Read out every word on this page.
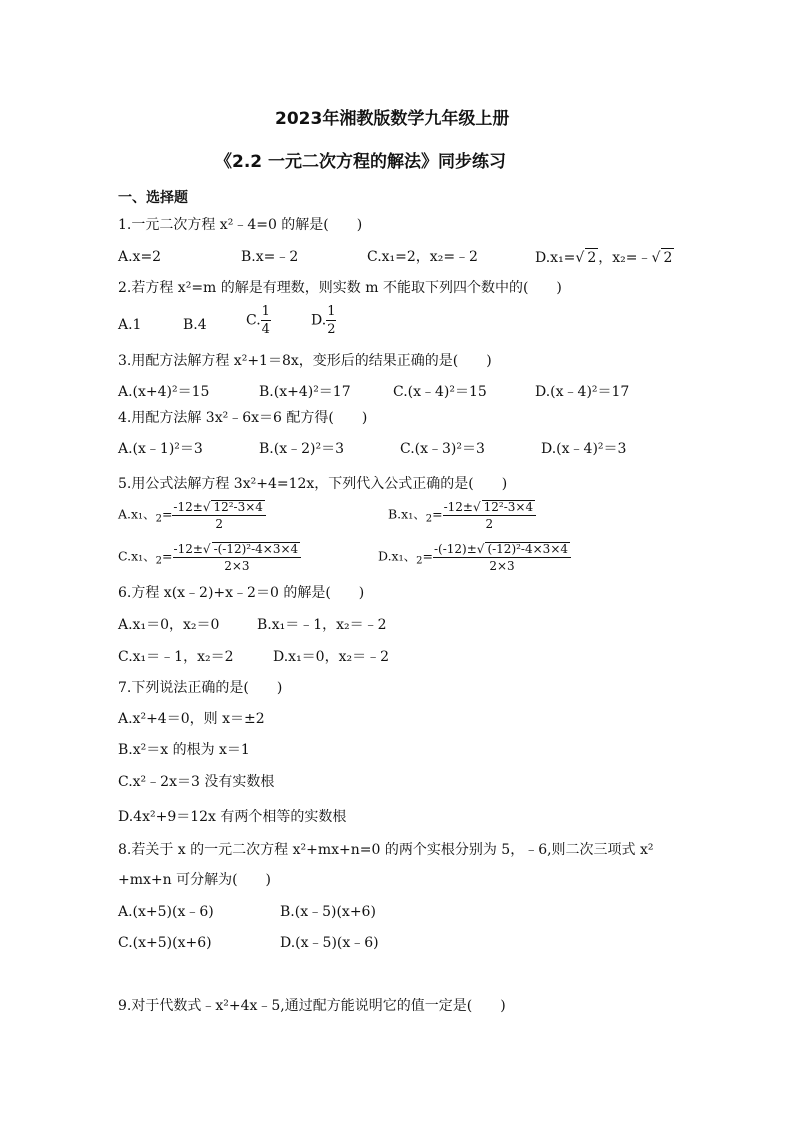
2023年湘教版数学九年级上册
《2.2 一元二次方程的解法》同步练习
一、选择题
1.一元二次方程 x²﹣4=0 的解是(　　)
A.x=2	B.x=﹣2	C.x₁=2，x₂=﹣2	D.x₁=√ 2 ，x₂=﹣√ 2
2.若方程 x²=m 的解是有理数，则实数 m 不能取下列四个数中的(　　)
A.1	B.4	C. $\frac{1}{4}$	D. $\frac{1}{2}$
3.用配方法解方程 x²+1＝8x，变形后的结果正确的是(　　)
A.(x+4)²＝15	B.(x+4)²＝17	C.(x﹣4)²＝15	D.(x﹣4)²＝17
4.用配方法解 3x²﹣6x＝6 配方得(　　)
A.(x﹣1)²＝3	B.(x﹣2)²＝3	C.(x﹣3)²＝3	D.(x﹣4)²＝3
5.用公式法解方程 3x²+4=12x，下列代入公式正确的是(　　)
A.x₁、$_2= \frac{\text{-12±√ 12²-3×4}}{2}$	B.x₁、$_2= \frac{\text{-12±√ 12²-3×4}}{2}$
C.x₁、$_2= \frac{\text{-12±√ -(-12)²-4×3×4}}{2\times 3}$	D.x₁、$_2= \frac{\text{-(-12)±√ (-12)²-4×3×4}}{2\times 3}$
6.方程 x(x﹣2)+x﹣2＝0 的解是(　　)
A.x₁＝0，x₂＝0	B.x₁＝﹣1，x₂＝﹣2
C.x₁＝﹣1，x₂＝2	D.x₁＝0，x₂＝﹣2
7.下列说法正确的是(　　)
A.x²+4＝0，则 x＝±2
B.x²＝x 的根为 x＝1
C.x²﹣2x＝3 没有实数根
D.4x²+9＝12x 有两个相等的实数根
8.若关于 x 的一元二次方程 x²+mx+n=0 的两个实根分别为 5，﹣6,则二次三项式 x²
+mx+n 可分解为(　　)
A.(x+5)(x﹣6)	B.(x﹣5)(x+6)
C.(x+5)(x+6)	D.(x﹣5)(x﹣6)
9.对于代数式﹣x²+4x﹣5,通过配方能说明它的值一定是(　　)
